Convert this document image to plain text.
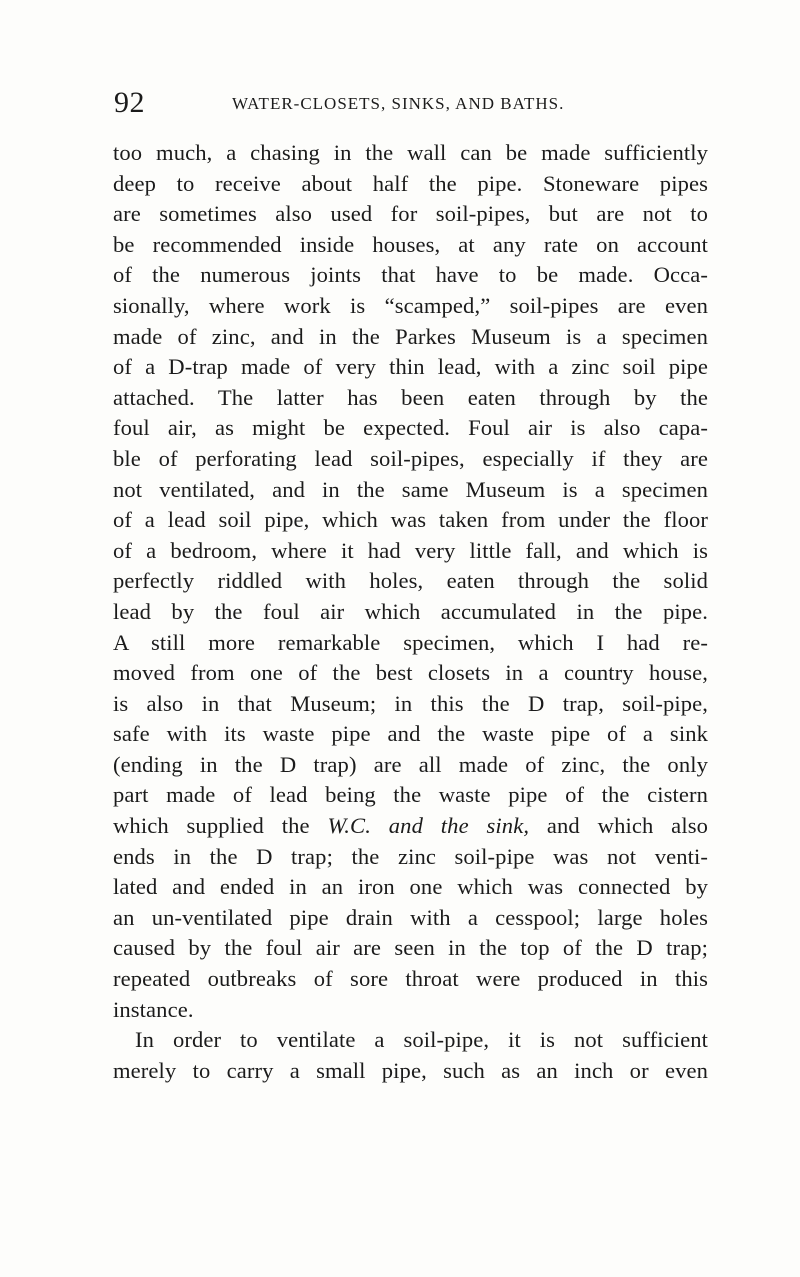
92	WATER-CLOSETS, SINKS, AND BATHS.
too much, a chasing in the wall can be made sufficiently
deep to receive about half the pipe. Stoneware pipes
are sometimes also used for soil-pipes, but are not to
be recommended inside houses, at any rate on account
of the numerous joints that have to be made. Occa-
sionally, where work is “scamped,” soil-pipes are even
made of zinc, and in the Parkes Museum is a specimen
of a D-trap made of very thin lead, with a zinc soil pipe
attached. The latter has been eaten through by the
foul air, as might be expected. Foul air is also capa-
ble of perforating lead soil-pipes, especially if they are
not ventilated, and in the same Museum is a specimen
of a lead soil pipe, which was taken from under the floor
of a bedroom, where it had very little fall, and which is
perfectly riddled with holes, eaten through the solid
lead by the foul air which accumulated in the pipe.
A still more remarkable specimen, which I had re-
moved from one of the best closets in a country house,
is also in that Museum; in this the D trap, soil-pipe,
safe with its waste pipe and the waste pipe of a sink
(ending in the D trap) are all made of zinc, the only
part made of lead being the waste pipe of the cistern
which supplied the W.C. and the sink, and which also
ends in the D trap; the zinc soil-pipe was not venti-
lated and ended in an iron one which was connected by
an un-ventilated pipe drain with a cesspool; large holes
caused by the foul air are seen in the top of the D trap;
repeated outbreaks of sore throat were produced in this
instance.
In order to ventilate a soil-pipe, it is not sufficient
merely to carry a small pipe, such as an inch or even
